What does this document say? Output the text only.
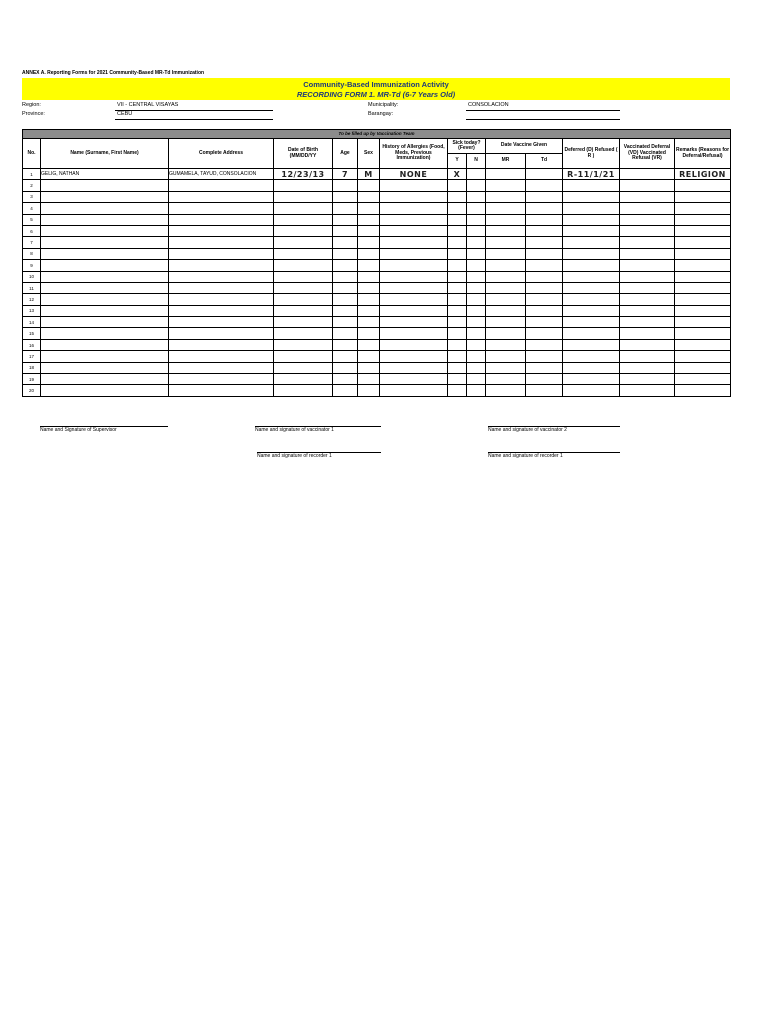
ANNEX A. Reporting Forms for 2021 Community-Based MR-Td Immunization
Community-Based Immunization Activity
RECORDING FORM 1. MR-Td (6-7 Years Old)
Region:	VII - CENTRAL VISAYAS
Province:	CEBU
Municipality:	CONSOLACION
Barangay:
To be filled up by Vaccination Team													
No.	Name (Surname, First Name)	Complete Address	Date of Birth (MM/DD/YY	Age	Sex	History of Allergies (Food, Meds, Previous Immunization)	Sick today? (Fever)		Date Vaccine Given		Deferred (D) Refused ( R )	Vaccinated Deferral (VD) Vaccinated Refusal (VR)	Remarks (Reasons for Deferral/Refusal)
							Y	N	MR	Td			
1	GELIG, NATHAN	GUMAMELA, TAYUD, CONSOLACION	12/23/13	7	M	NONE	X				R-11/1/21		RELIGION
2													
3													
4													
5													
6													
7													
8													
9													
10													
11													
12													
13													
14													
15													
16													
17													
18													
19													
20													
Name and Signature of Supervisor	Name and signature of vaccinator 1	Name and signature of vaccinator 2
Name and signature of recorder 1	Name and signature of recorder 1
